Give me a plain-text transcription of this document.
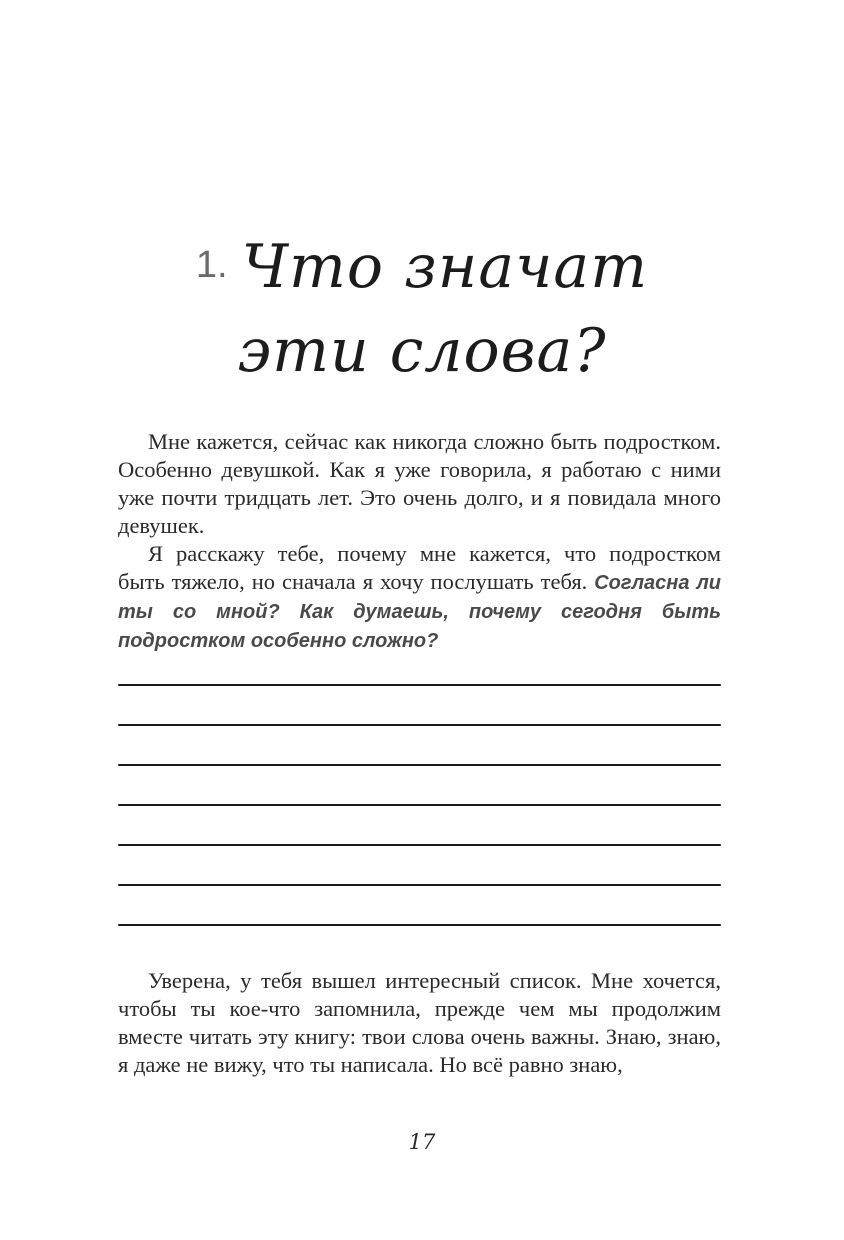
1. Что значат
эти слова?

Мне кажется, сейчас как никогда сложно быть подростком. Особенно девушкой. Как я уже говорила, я работаю с ними уже почти тридцать лет. Это очень долго, и я повидала много девушек.

Я расскажу тебе, почему мне кажется, что подростком быть тяжело, но сначала я хочу послушать тебя. Согласна ли ты со мной? Как думаешь, почему сегодня быть подростком особенно сложно?

Уверена, у тебя вышел интересный список. Мне хочется, чтобы ты кое-что запомнила, прежде чем мы продолжим вместе читать эту книгу: твои слова очень важны. Знаю, знаю, я даже не вижу, что ты написала. Но всё равно знаю,

17
